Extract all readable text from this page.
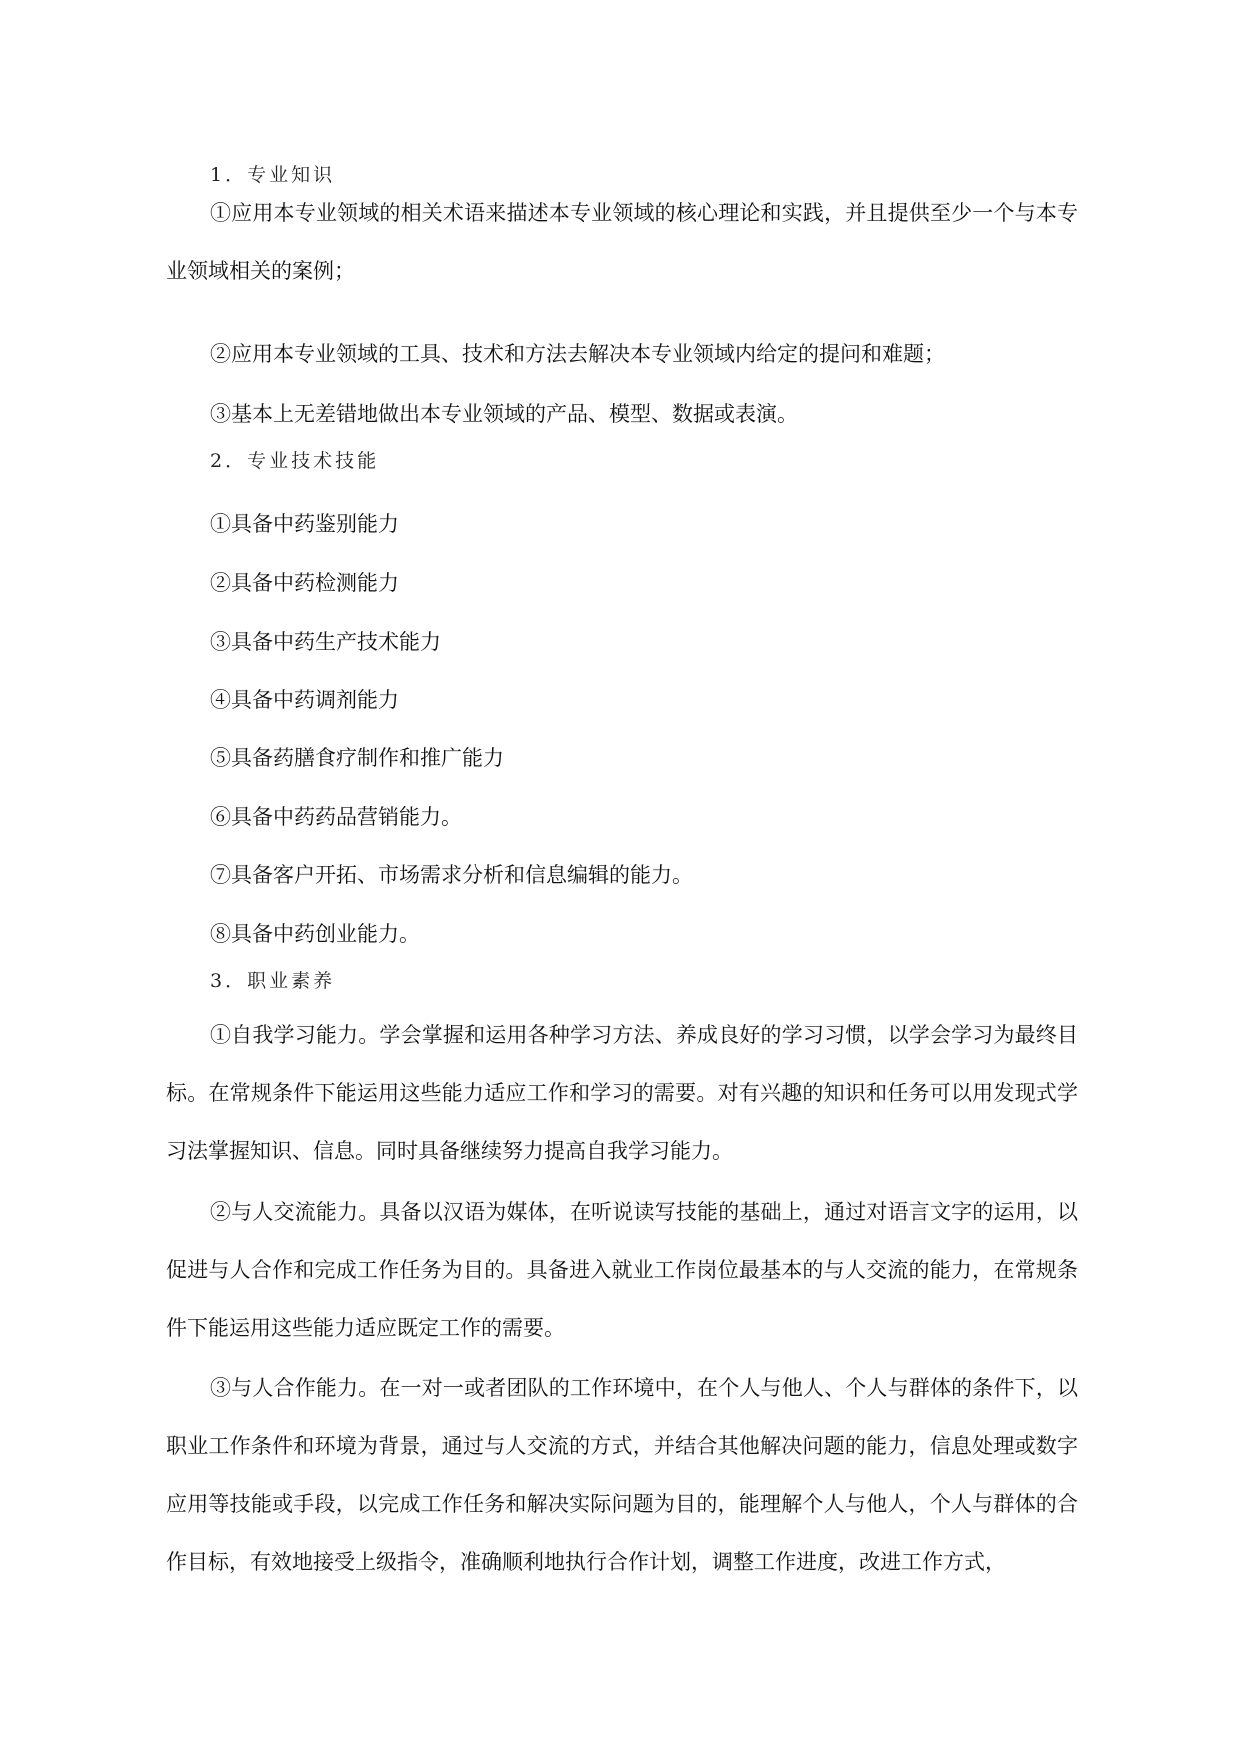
1．专业知识
①应用本专业领域的相关术语来描述本专业领域的核心理论和实践，并且提供至少一个与本专业领域相关的案例；
②应用本专业领域的工具、技术和方法去解决本专业领域内给定的提问和难题；
③基本上无差错地做出本专业领域的产品、模型、数据或表演。
2．专业技术技能
①具备中药鉴别能力
②具备中药检测能力
③具备中药生产技术能力
④具备中药调剂能力
⑤具备药膳食疗制作和推广能力
⑥具备中药药品营销能力。
⑦具备客户开拓、市场需求分析和信息编辑的能力。
⑧具备中药创业能力。
3．职业素养
①自我学习能力。学会掌握和运用各种学习方法、养成良好的学习习惯，以学会学习为最终目标。在常规条件下能运用这些能力适应工作和学习的需要。对有兴趣的知识和任务可以用发现式学习法掌握知识、信息。同时具备继续努力提高自我学习能力。
②与人交流能力。具备以汉语为媒体，在听说读写技能的基础上，通过对语言文字的运用，以促进与人合作和完成工作任务为目的。具备进入就业工作岗位最基本的与人交流的能力，在常规条件下能运用这些能力适应既定工作的需要。
③与人合作能力。在一对一或者团队的工作环境中，在个人与他人、个人与群体的条件下，以职业工作条件和环境为背景，通过与人交流的方式，并结合其他解决问题的能力，信息处理或数字应用等技能或手段，以完成工作任务和解决实际问题为目的，能理解个人与他人，个人与群体的合作目标，有效地接受上级指令，准确顺利地执行合作计划，调整工作进度，改进工作方式，
